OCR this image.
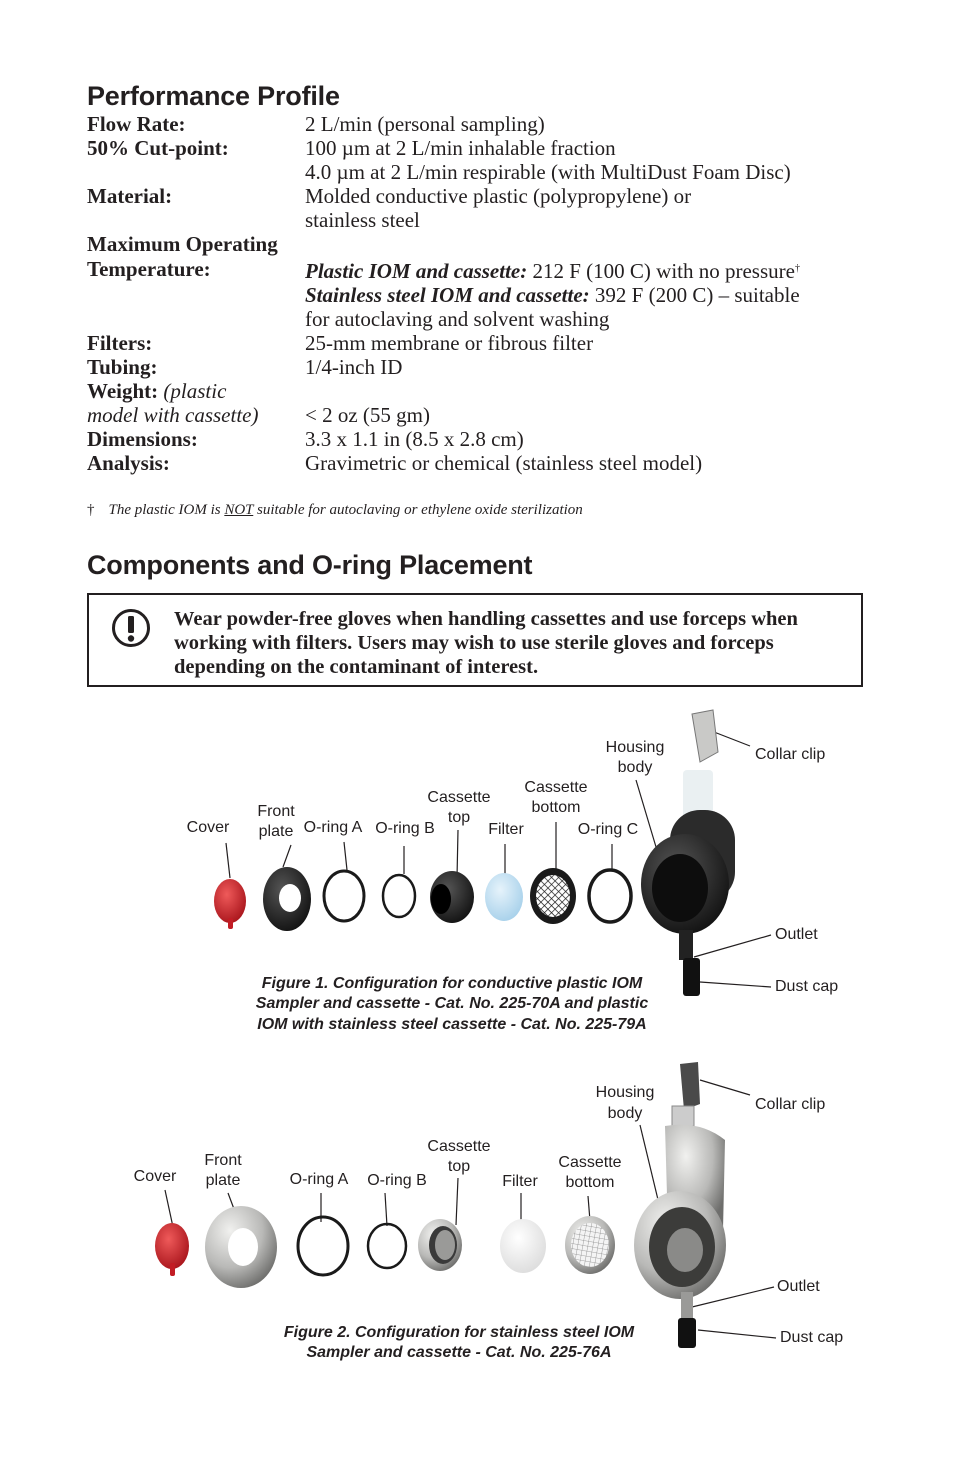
Performance Profile
Flow Rate:	2 L/min (personal sampling)
50% Cut-point:	100 µm at 2 L/min inhalable fraction
4.0 µm at 2 L/min respirable (with MultiDust Foam Disc)
Material:	Molded conductive plastic (polypropylene) or
stainless steel
Maximum Operating
Temperature:	Plastic IOM and cassette: 212 F (100 C) with no pressure†
Stainless steel IOM and cassette: 392 F (200 C) – suitable
for autoclaving and solvent washing
Filters:	25-mm membrane or fibrous filter
Tubing:	1/4-inch ID
Weight: (plastic
model with cassette)	< 2 oz (55 gm)
Dimensions:	3.3 x 1.1 in (8.5 x 2.8 cm)
Analysis:	Gravimetric or chemical (stainless steel model)
† The plastic IOM is NOT suitable for autoclaving or ethylene oxide sterilization
Components and O-ring Placement
Wear powder-free gloves when handling cassettes and use forceps when working with filters. Users may wish to use sterile gloves and forceps depending on the contaminant of interest.
Cover
Front
plate O-ring A O-ring B
Cassette
top
Filter
Cassette
bottom
O-ring C
Housing
body
Collar clip
Outlet
Dust cap
Figure 1. Configuration for conductive plastic IOM
Sampler and cassette - Cat. No. 225-70A and plastic
IOM with stainless steel cassette - Cat. No. 225-79A
Cover
Front
plate	O-ring A O-ring B
Cassette
top
Filter
Cassette
bottom
Housing
body
Collar clip
Outlet
Dust cap
Figure 2. Configuration for stainless steel IOM
Sampler and cassette - Cat. No. 225-76A
